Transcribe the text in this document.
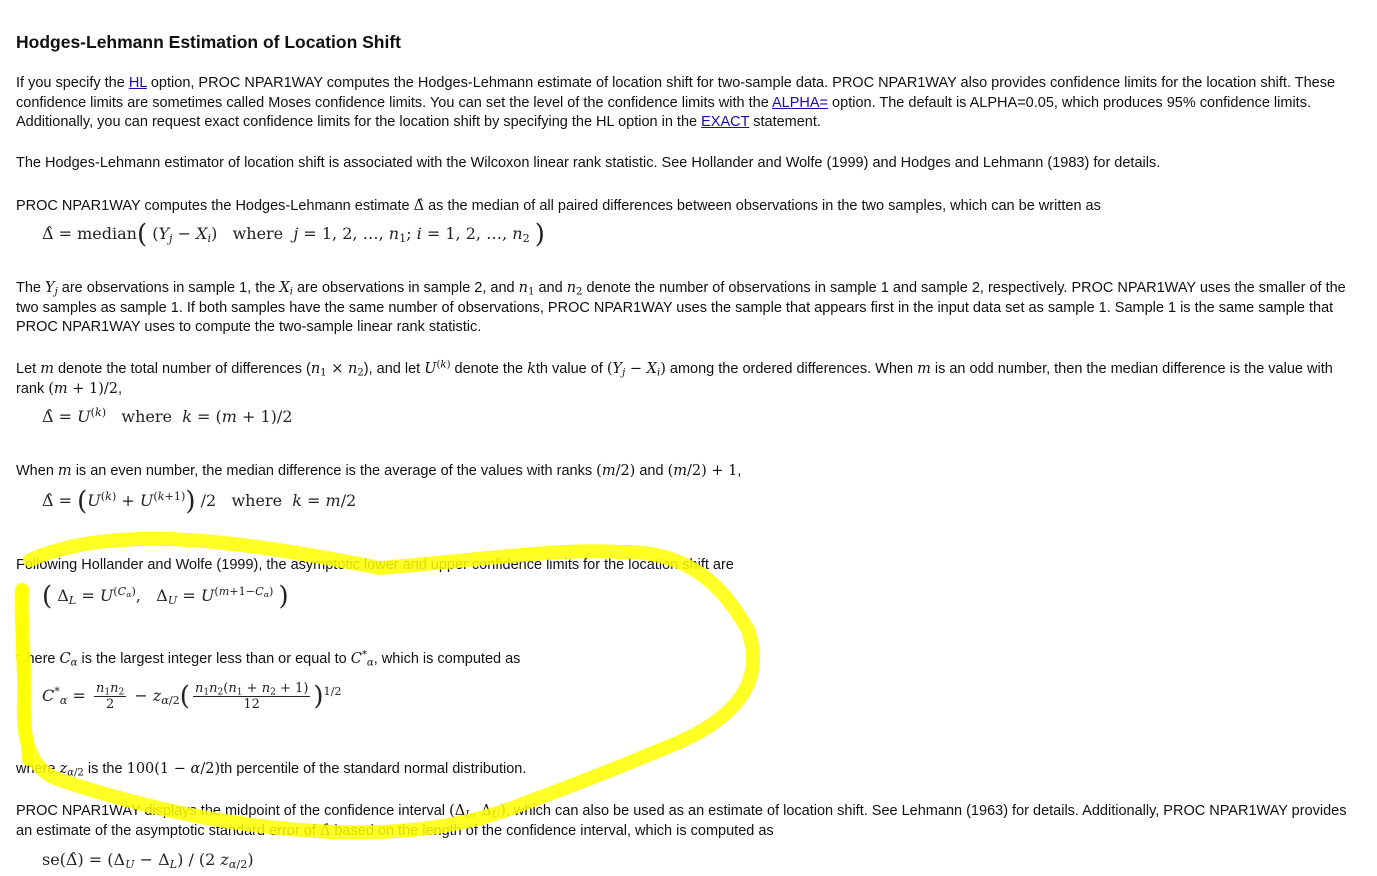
Hodges-Lehmann Estimation of Location Shift
If you specify the HL option, PROC NPAR1WAY computes the Hodges-Lehmann estimate of location shift for two-sample data. PROC NPAR1WAY also provides confidence limits for the location shift. These confidence limits are sometimes called Moses confidence limits. You can set the level of the confidence limits with the ALPHA= option. The default is ALPHA=0.05, which produces 95% confidence limits. Additionally, you can request exact confidence limits for the location shift by specifying the HL option in the EXACT statement.
The Hodges-Lehmann estimator of location shift is associated with the Wilcoxon linear rank statistic. See Hollander and Wolfe (1999) and Hodges and Lehmann (1983) for details.
PROC NPAR1WAY computes the Hodges-Lehmann estimate Δ̂ as the median of all paired differences between observations in the two samples, which can be written as
Δ̂ = median( $(Y_j - X_i)$   where j = 1, 2, …, $n_1$; i = 1, 2, …, $n_2$ )
The $Y_j$ are observations in sample 1, the $X_i$ are observations in sample 2, and $n_1$ and $n_2$ denote the number of observations in sample 1 and sample 2, respectively. PROC NPAR1WAY uses the smaller of the two samples as sample 1. If both samples have the same number of observations, PROC NPAR1WAY uses the sample that appears first in the input data set as sample 1. Sample 1 is the same sample that PROC NPAR1WAY uses to compute the two-sample linear rank statistic.
Let m denote the total number of differences $(n_1 \times n_2)$, and let $U^{(k)}$ denote the kth value of $(Y_j - X_i)$ among the ordered differences. When m is an odd number, then the median difference is the value with rank (m + 1)/2,
Δ̂ = $U^{(k)}$ where k = (m + 1)/2
When m is an even number, the median difference is the average of the values with ranks (m/2) and (m/2) + 1,
Δ̂ = $(U^{(k)} + U^{(k+1)})$ /2   where k = m/2
Following Hollander and Wolfe (1999), the asymptotic lower and upper confidence limits for the location shift are
( $\Delta_L = U^{(C_\alpha)}$,   $\Delta_U = U^{(m+1-C_\alpha)}$ )
where $C_\alpha$ is the largest integer less than or equal to $C^*_\alpha$, which is computed as
$C^*_\alpha = \frac{n_1n_2}{2} - z_{\alpha/2}( \frac{n_1n_2(n_1 + n_2 + 1)}{12} )^{1/2}$
where $z_{\alpha/2}$ is the 100(1 − α/2)th percentile of the standard normal distribution.
PROC NPAR1WAY displays the midpoint of the confidence interval ($\Delta_L$, $\Delta_U$), which can also be used as an estimate of location shift. See Lehmann (1963) for details. Additionally, PROC NPAR1WAY provides an estimate of the asymptotic standard error of Δ̂ based on the length of the confidence interval, which is computed as
se(Δ̂) = $(\Delta_U - \Delta_L) / (2$ $z_{\alpha/2}$)
